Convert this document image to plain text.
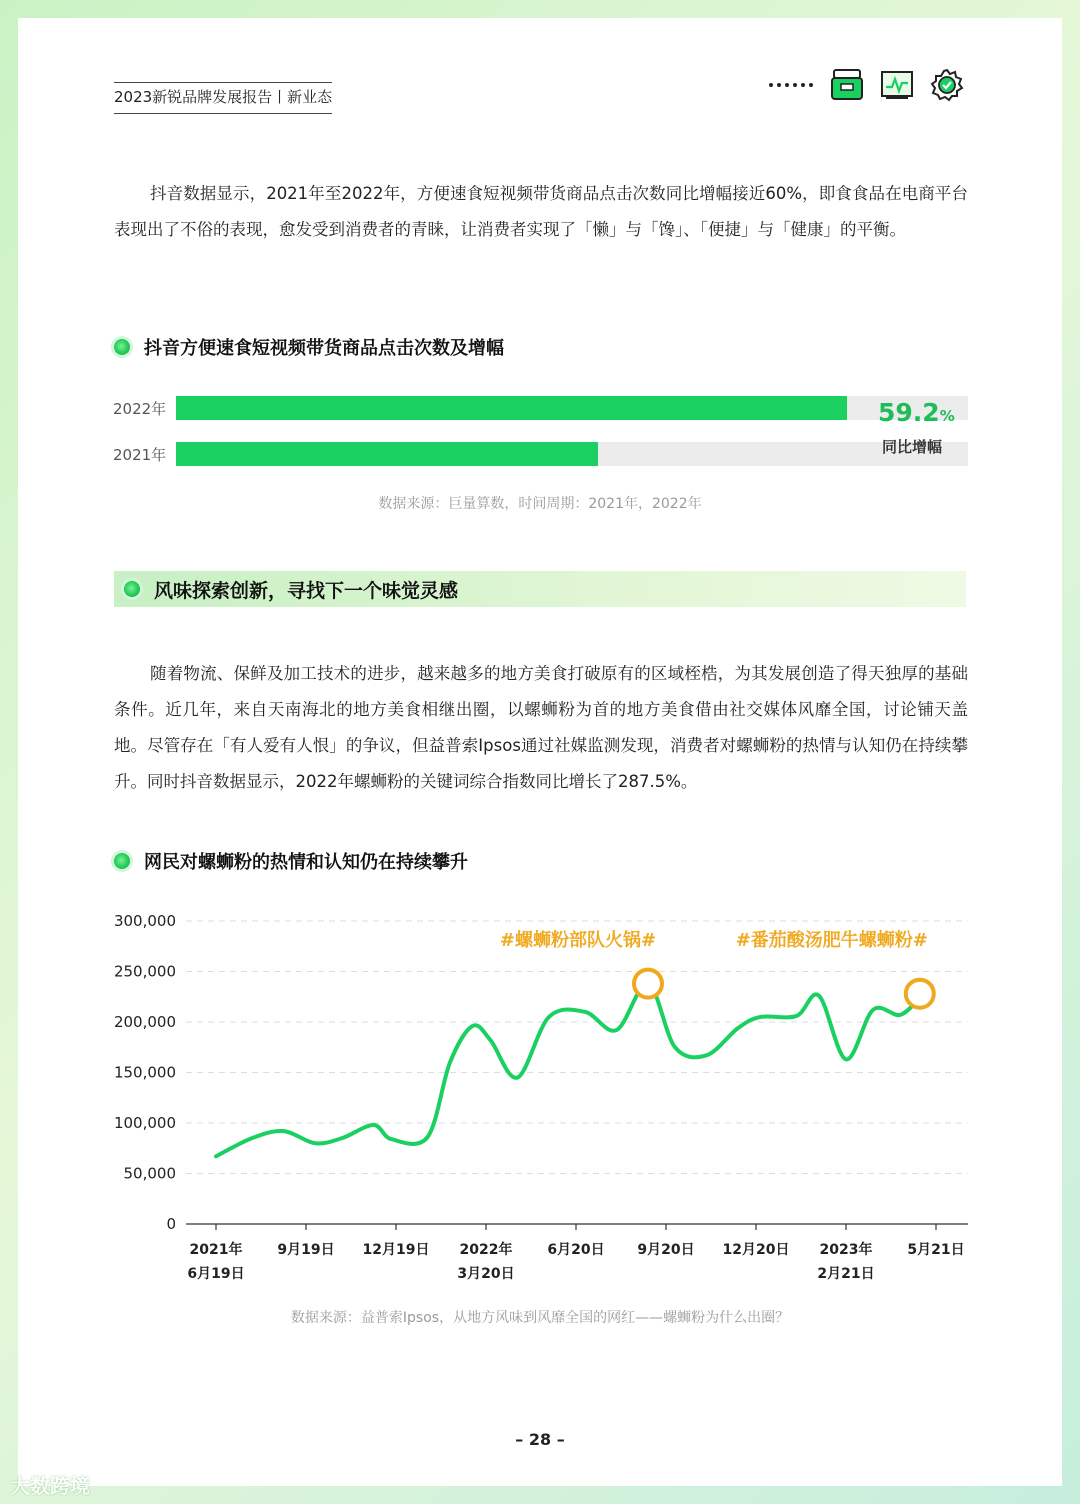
2023新锐品牌发展报告丨新业态

抖音数据显示，2021年至2022年，方便速食短视频带货商品点击次数同比增幅接近60%，即食食品在电商平台表现出了不俗的表现，愈发受到消费者的青睐，让消费者实现了「懒」与「馋」、「便捷」与「健康」的平衡。

抖音方便速食短视频带货商品点击次数及增幅
2022年
2021年
59.2%
同比增幅
数据来源：巨量算数，时间周期：2021年，2022年
风味探索创新，寻找下一个味觉灵感

随着物流、保鲜及加工技术的进步，越来越多的地方美食打破原有的区域桎梏，为其发展创造了得天独厚的基础条件。近几年，来自天南海北的地方美食相继出圈，以螺蛳粉为首的地方美食借由社交媒体风靡全国，讨论铺天盖地。尽管存在「有人爱有人恨」的争议，但益普索Ipsos通过社媒监测发现，消费者对螺蛳粉的热情与认知仍在持续攀升。同时抖音数据显示，2022年螺蛳粉的关键词综合指数同比增长了287.5%。

网民对螺蛳粉的热情和认知仍在持续攀升
0
50,000
100,000
150,000
200,000
250,000
300,000
2021年
6月19日
9月19日 12月19日 2022年
3月20日
6月20日 9月20日 12月20日 2023年
2月21日
5月21日
#螺蛳粉部队火锅#	#番茄酸汤肥牛螺蛳粉#
数据来源：益普索Ipsos，从地方风味到风靡全国的网红——螺蛳粉为什么出圈？
– 28 –
大数跨境
